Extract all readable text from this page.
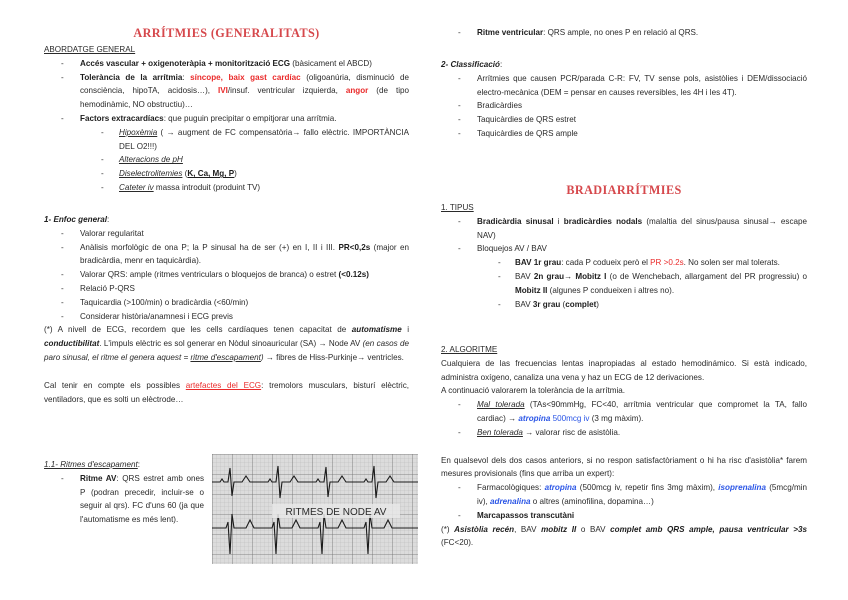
ARRÍTMIES (GENERALITATS)

ABORDATGE GENERAL

- Accés vascular + oxigenoteràpia + monitorització ECG (bàsicament el ABCD)
- Tolerància de la arrítmia: síncope, baix gast cardíac (oligoanúria, disminució de consciència, hipoTA, acidosis…), IVI/insuf. ventricular izquierda, angor (de tipo hemodinàmic, NO obstructiu)…
- Factors extracardíacs: que puguin precipitar o empitjorar una arrítmia.
- Hipoxèmia ( → augment de FC compensatòria→ fallo elèctric. IMPORTÀNCIA DEL O2!!!)
- Alteracions de pH
- Diselectrolitemies (K, Ca, Mg, P)
- Cateter iv massa introduit (produint TV)

1- Enfoc general:

- Valorar regularitat
- Anàlisis morfològic de ona P; la P sinusal ha de ser (+) en I, II i III. PR<0,2s (major en bradicàrdia, menr en taquicàrdia).
- Valorar QRS: ample (ritmes ventriculars o bloquejos de branca) o estret (<0.12s)
- Relació P-QRS
- Taquicardia (>100/min) o bradicàrdia (<60/min)
- Considerar història/anamnesi i ECG previs

(*) A nivell de ECG, recordem que les cells cardíaques tenen capacitat de automatisme i conductibilitat. L'impuls elèctric es sol generar en Nòdul sinoauricular (SA) → Node AV (en casos de paro sinusal, el ritme el genera aquest = ritme d'escapament) → fibres de Hiss-Purkinje→ ventricles.

Cal tenir en compte els possibles artefactes del ECG: tremolors musculars, bisturí elèctric, ventiladors, que es solti un elèctrode…

1.1- Ritmes d'escapament:

- Ritme AV: QRS estret amb ones P (podran precedir, incluir-se o seguir al qrs). FC d'uns 60 (ja que l'automatisme es més lent).
RITMES DE NODE AV
- Ritme ventricular: QRS ample, no ones P en relació al QRS.

2- Classificació:

- Arrítmies que causen PCR/parada C-R: FV, TV sense pols, asistòlies i DEM/dissociació electro-mecànica (DEM = pensar en causes reversibles, les 4H i les 4T).
- Bradicàrdies
- Taquicàrdies de QRS estret
- Taquicàrdies de QRS ample
BRADIARRÍTMIES

1. TIPUS

- Bradicàrdia sinusal i bradicàrdies nodals (malaltia del sinus/pausa sinusal→ escape NAV)
- Bloquejos AV / BAV
- BAV 1r grau: cada P codueix però el PR >0.2s. No solen ser mal tolerats.
- BAV 2n grau→ Mobitz I (o de Wenchebach, allargament del PR progressiu) o Mobitz II (algunes P condueixen i altres no).
- BAV 3r grau (complet)

2. ALGORITME

Cualquiera de las frecuencias lentas inapropiadas al estado hemodinámico. Si està indicado, administra oxígeno, canaliza una vena y haz un ECG de 12 derivaciones.

A continuació valorarem la tolerància de la arrítmia.

- Mal tolerada (TAs<90mmHg, FC<40, arrítmia ventricular que compromet la TA, fallo cardiac) → atropina 500mcg iv (3 mg màxim).
- Ben tolerada → valorar risc de asistòlia.

En qualsevol dels dos casos anteriors, si no respon satisfactòriament o hi ha risc d'asistòlia* farem mesures provisionals (fins que arriba un expert):

- Farmacològiques: atropina (500mcg iv, repetir fins 3mg màxim), isoprenalina (5mcg/min iv), adrenalina o altres (aminofilina, dopamina…)
- Marcapassos transcutàni

(*) Asistòlia recén, BAV mobitz II o BAV complet amb QRS ample, pausa ventricular >3s (FC<20).
